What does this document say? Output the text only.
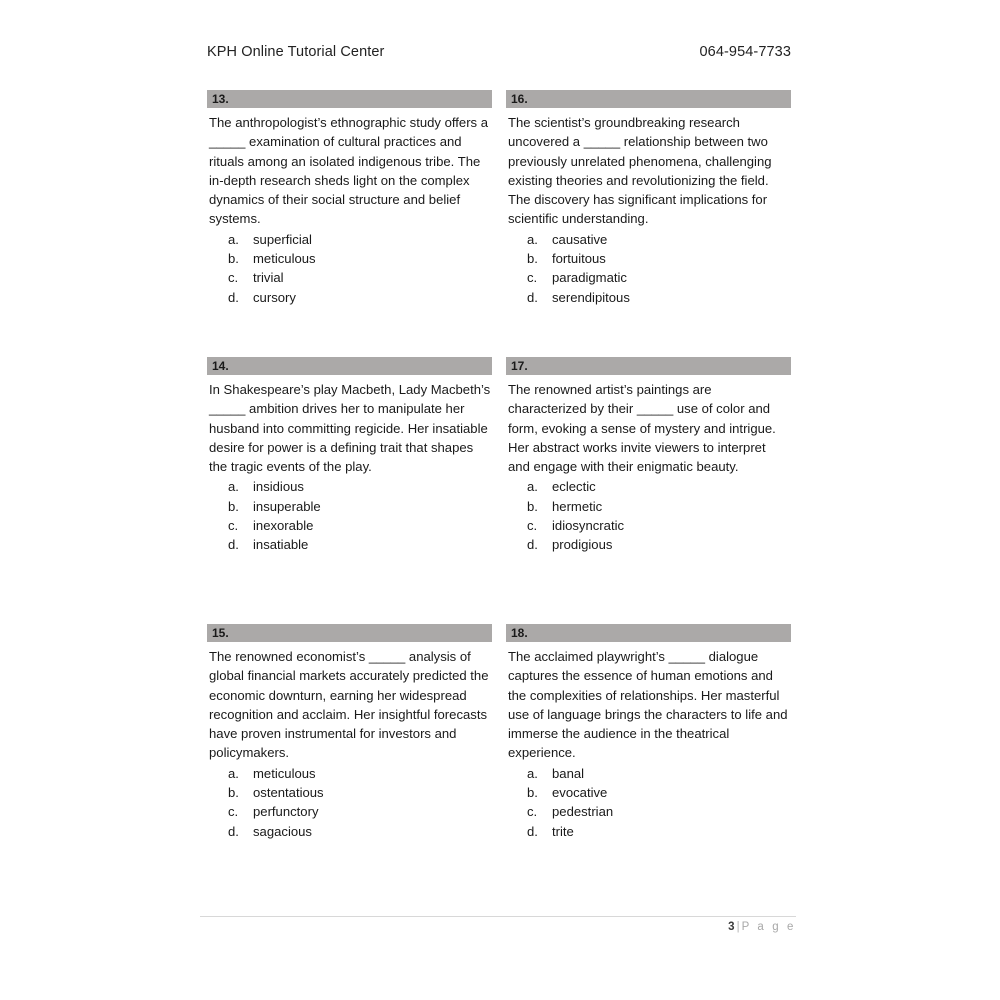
KPH Online Tutorial Center	064-954-7733
13.

The anthropologist’s ethnographic study offers a _____ examination of cultural practices and rituals among an isolated indigenous tribe. The in-depth research sheds light on the complex dynamics of their social structure and belief systems.

a.	superficial
b.	meticulous
c.	trivial
d.	cursory
16.

The scientist’s groundbreaking research uncovered a _____ relationship between two previously unrelated phenomena, challenging existing theories and revolutionizing the field. The discovery has significant implications for scientific understanding.

a.	causative
b.	fortuitous
c.	paradigmatic
d.	serendipitous
14.

In Shakespeare’s play Macbeth, Lady Macbeth’s _____ ambition drives her to manipulate her husband into committing regicide. Her insatiable desire for power is a defining trait that shapes the tragic events of the play.

a.	insidious
b.	insuperable
c.	inexorable
d.	insatiable
17.

The renowned artist’s paintings are characterized by their _____ use of color and form, evoking a sense of mystery and intrigue. Her abstract works invite viewers to interpret and engage with their enigmatic beauty.

a.	eclectic
b.	hermetic
c.	idiosyncratic
d.	prodigious
15.

The renowned economist’s _____ analysis of global financial markets accurately predicted the economic downturn, earning her widespread recognition and acclaim. Her insightful forecasts have proven instrumental for investors and policymakers.

a.	meticulous
b.	ostentatious
c.	perfunctory
d.	sagacious
18.

The acclaimed playwright’s _____ dialogue captures the essence of human emotions and the complexities of relationships. Her masterful use of language brings the characters to life and immerse the audience in the theatrical experience.

a.	banal
b.	evocative
c.	pedestrian
d.	trite
3 | P a g e
